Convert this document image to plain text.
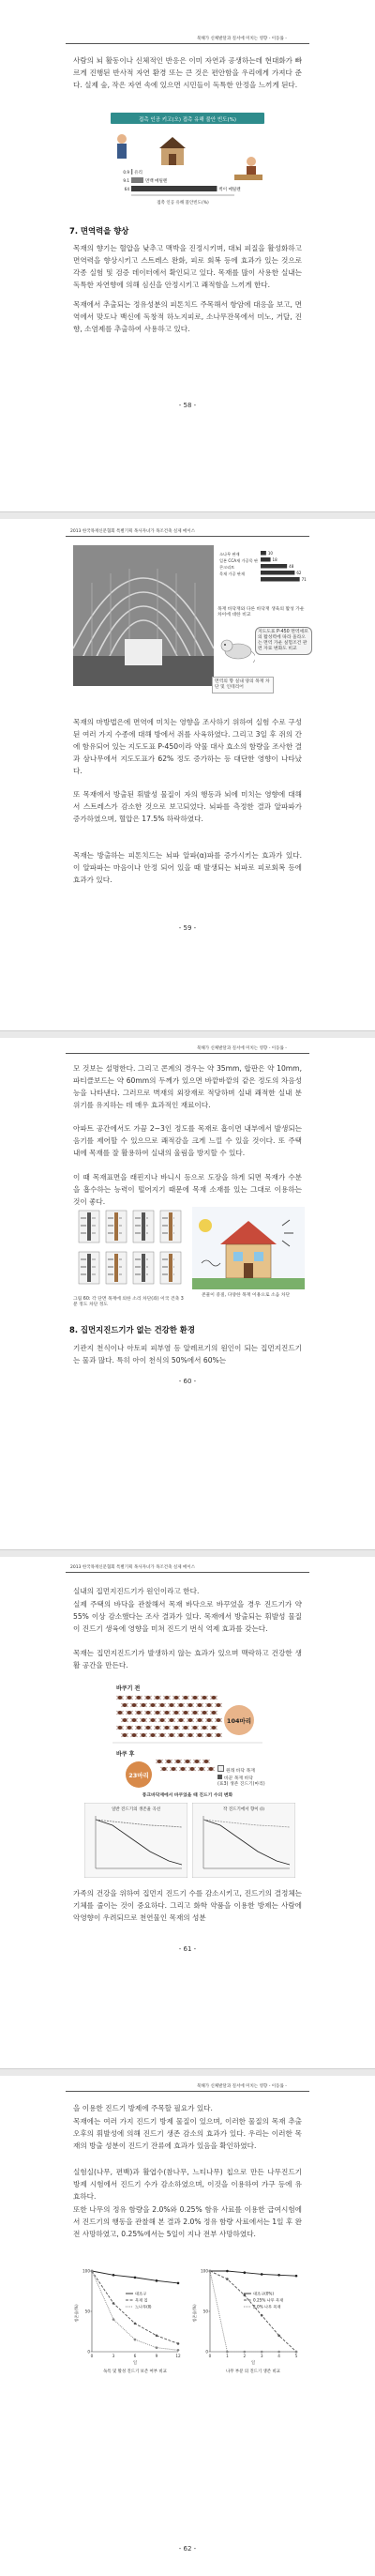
북해가 신체발달과 질서에 미치는 영향 - 이동률 -
사람의 뇌 활동이나 신체적인 반응은 이미 자연과 공생하는데 현대화가 빠르게 진행된 반사적 자연 환경 또는 큰 것은 편안함을 우리에게 가져다 준다. 실제 숲, 작은 자연 속에 있으면 시민들이 독특한 안정을 느끼게 된다.
접촉 인공 키고(오) 접촉 유해 불안 빈도(%)
유리
0.9
면백 메틸렌
9.1
벽이 메틸렌
64
접촉 인공 유해 불안빈도(%)
7. 면역력을 향상
목재의 향기는 혈압을 낮추고 맥박을 진정시키며, 대뇌 피질을 활성화하고 면역력을 향상시키고 스트레스 완화, 피로 회복 등에 효과가 있는 것으로 각종 실험 및 검증 데이터에서 확인되고 있다. 목재를 많이 사용한 실내는 독특한 자연향에 의해 심신을 안정시키고 쾌적함을 느끼게 한다.
목재에서 추출되는 정유성분의 피톤치드 주목해서 항암에 대응을 보고, 면역에서 맞도나 백신에 독창적 하노지피로, 소나무잔목에서 미노, 거달, 진향, 소염제를 추출하여 사용하고 있다.
- 58 -
2013 한국목재신문협회 특별기획 목사자녀가 목조건축 실제 메이스
소나무 판재
일본 CCA재 가공목 판
콘크리트
목재 가공 판재
10
18
48
62
71
목재 바닥재와 다른 바닥재 생육의 활성 가운 차이에 대한 비교
지도도표 P-450 면역세포의 활성력에 따라 올라오는 면역 가운 실험조건 관련 자료 변화도 비교
면역의 향 실내 양의 목재 차단 및 인테리어
목재의 마방법은에 면역에 미치는 영향을 조사하기 위하여 실험 수로 구성된 여러 가지 수종에 대해 방에서 쥐를 사육하였다. 그리고 3일 후 쥐의 간에 함유되어 있는 지도도표 P-450이라 약물 대사 효소의 함량을 조사한 결과 삼나무에서 지도도표가 62% 정도 증가하는 등 대단한 영향이 나타났다.
또 목재에서 방출된 휘발성 물질이 자의 행동과 뇌에 미치는 영향에 대해서 스트레스가 감소한 것으로 보고되었다. 뇌파를 측정한 결과 알파파가 증가하였으며, 혈압은 17.5% 하락하였다.
목재는 방출하는 피톤치드는 뇌파 알파(α)파를 증가시키는 효과가 있다. 이 알파파는 마음이나 안정 되어 있을 때 발생되는 뇌파로 피로회복 등에 효과가 있다.
- 59 -
북해가 신체발달과 질서에 미치는 영향 - 이동률 -
모 것보는 설명한다. 그리고 콘계의 경우는 약 35mm, 합판은 약 10mm, 파티클보드는 약 60mm의 두께가 있으면 바깥바깥의 같은 정도의 차음성능을 나타낸다. 그러므로 벽재의 외장재로 적당하며 실내 쾌적한 실내 분위기를 유지하는 데 매우 효과적인 재료이다.
아파트 공간에서도 가끔 2~3인 정도를 목재로 흡이면 내부에서 발생되는 음기를 제어할 수 있으므로 쾌적감을 크게 느낄 수 있을 것이다. 또 주택 내에 목재를 잘 활용하여 실내의 울림을 방지할 수 있다.
이 때 목재표면을 래핀지나 바니시 등으로 도장을 하게 되면 목재가 수분을 흡수하는 능력이 떨어지기 때문에 목재 소재를 있는 그대로 이용하는 것이 좋다.
그림 60: 각 단면 목재에 의한 소리 차단(좌) 이국 건축 3분 정도 차단 정도
콘물이 중질, 다양한 목재 이용으로 소음 차단
8. 집먼지진드기가 없는 건강한 환경
기관지 천식이나 아토피 피부염 등 알레르기의 원인이 되는 집먼지진드기는 물과 많다. 특히 아이 천식의 50%에서 60%는
- 60 -
2013 한국목재신문협회 특별기획 목사자녀가 목조건축 실제 메이스
실내의 집먼지진드기가 원인이라고 한다.
실제 주택의 바닥을 관찰해서 목재 바닥으로 바꾸었을 경우 진드기가 약 55% 이상 감소했다는 조사 결과가 있다. 목재에서 방출되는 휘발성 물질이 진드기 생육에 영향을 미쳐 진드기 번식 억제 효과를 갖는다.
목재는 집먼지진드기가 발생하지 않는 효과가 있으며 맥락하고 건강한 생활 공간을 만든다.
바쿠기 전
104마리
바쿠 후
23마리
원래 바닥 목재
바꾼 목재 바닥
(표3) 생존 진드기(마리)
풍크바닥재에서 바쿠었을 때 진드기 수의 변화
일반 진드기의 생존율 곡선	작 진드기에서 향이 (Ⅰ)
가족의 건강을 위하여 집먼지 진드기 수를 감소시키고, 진드기의 결정체는 기체를 줄이는 것이 중요하다. 그리고 화학 약품을 이용한 방제는 사람에 악영향이 우려되므로 천연물인 목재의 성분
- 61 -
북해가 신체발달과 질서에 미치는 영향 - 이동률 -
을 이용한 진드기 방제에 주목할 필요가 있다.
목재에는 여러 가지 진드기 방제 물질이 있으며, 이러한 물질의 목재 추출 오후의 휘발성에 의해 진드기 생존 감소의 효과가 있다. 우리는 이러한 목재의 방출 성분이 진드기 잔류에 효과가 있음을 확인하였다.
실험실(나무, 편백)과 활엽수(참나무, 느티나무) 칩으로 만든 나무진드기 방제 시험에서 진드기 수가 감소하였으며, 이것을 이용하여 가구 등에 유효하다.
또한 나무의 정유 함량을 2.0%와 0.25% 함유 사료를 이용한 급여시험에서 진드기의 행동을 관찰해 본 결과 2.0% 정유 함량 사료에서는 1일 후 완전 사망하였고, 0.25%에서는 5일이 지나 전부 사망하였다.
100
50
0
0	3	6	9	12
대조구
목재 칩
노나무(Ⅱ)
생존율(%)
일
독특 및 활성 진드기 보존 여부 비교
100
50
0
0	1	2	3	4	5
대조구(0%)
0.25% 나무 목재
2.0% 나무 목재
생존율(%)
일
나무 부분 의 진드기 생존 비교
- 62 -
